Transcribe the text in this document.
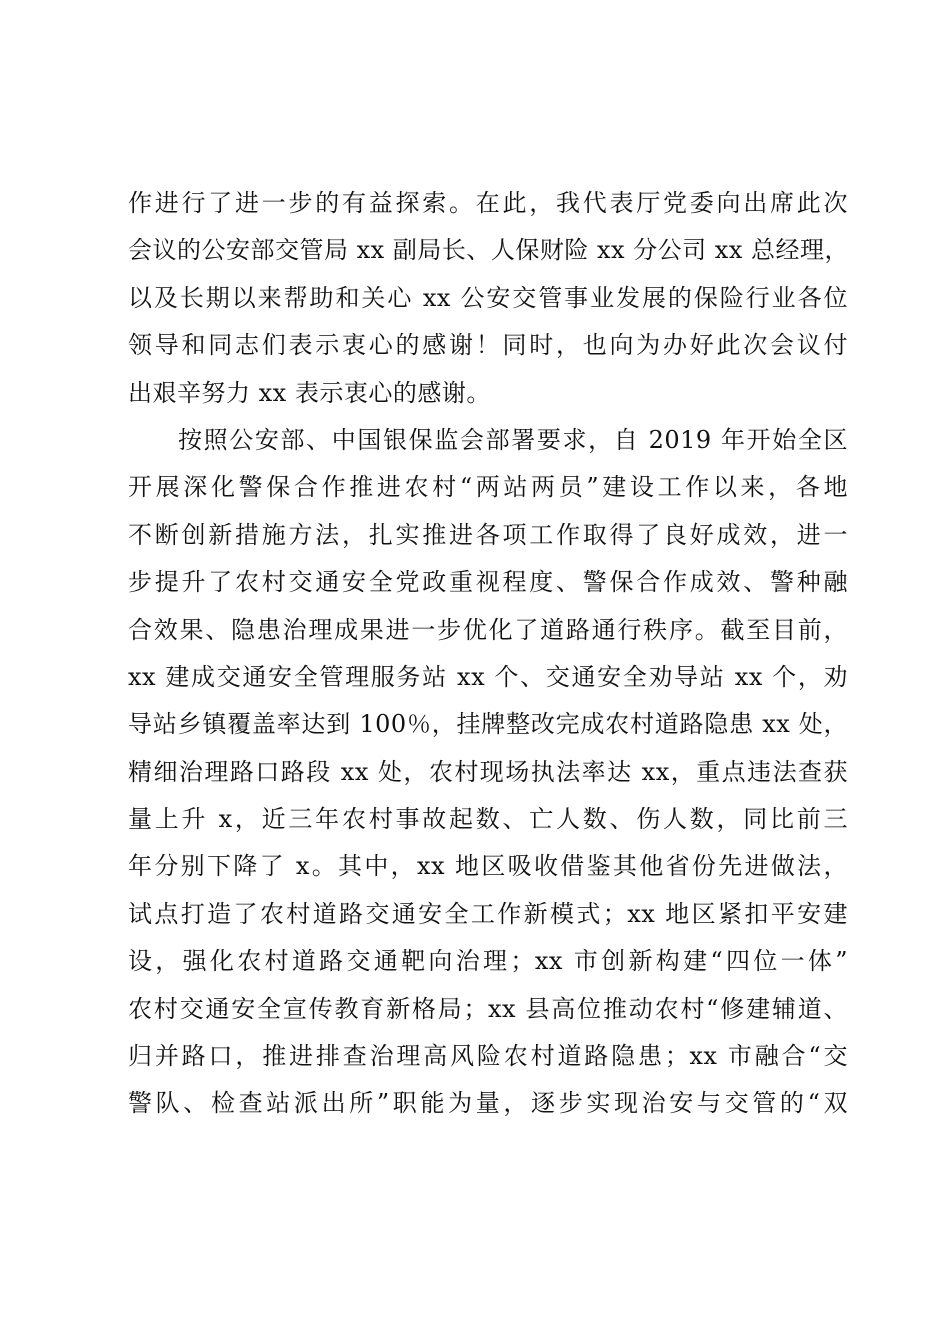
作进行了进一步的有益探索。在此，我代表厅党委向出席此次
会议的公安部交管局 xx 副局长、人保财险 xx 分公司 xx 总经理，
以及长期以来帮助和关心 xx 公安交管事业发展的保险行业各位
领导和同志们表示衷心的感谢！同时，也向为办好此次会议付
出艰辛努力 xx 表示衷心的感谢。
按照公安部、中国银保监会部署要求，自 2019 年开始全区
开展深化警保合作推进农村“两站两员”建设工作以来，各地
不断创新措施方法，扎实推进各项工作取得了良好成效，进一
步提升了农村交通安全党政重视程度、警保合作成效、警种融
合效果、隐患治理成果进一步优化了道路通行秩序。截至目前，
xx 建成交通安全管理服务站 xx 个、交通安全劝导站 xx 个，劝
导站乡镇覆盖率达到 100％，挂牌整改完成农村道路隐患 xx 处，
精细治理路口路段 xx 处，农村现场执法率达 xx，重点违法查获
量上升 x，近三年农村事故起数、亡人数、伤人数，同比前三
年分别下降了 x。其中，xx 地区吸收借鉴其他省份先进做法，
试点打造了农村道路交通安全工作新模式；xx 地区紧扣平安建
设，强化农村道路交通靶向治理；xx 市创新构建“四位一体”
农村交通安全宣传教育新格局；xx 县高位推动农村“修建辅道、
归并路口，推进排查治理高风险农村道路隐患；xx 市融合“交
警队、检查站派出所”职能为量，逐步实现治安与交管的“双
